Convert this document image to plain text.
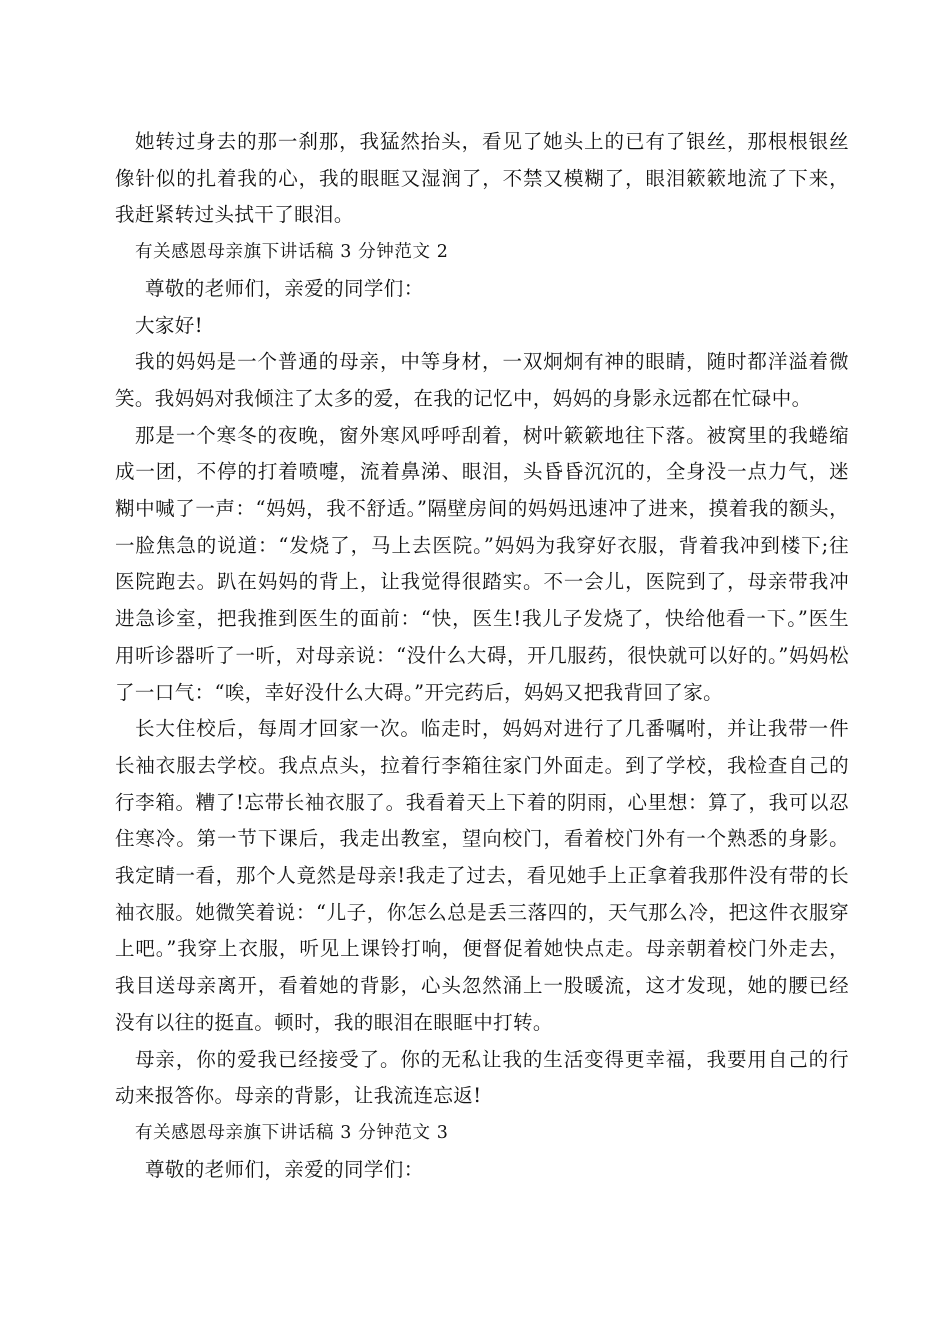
她转过身去的那一刹那，我猛然抬头，看见了她头上的已有了银丝，那根根银丝像针似的扎着我的心，我的眼眶又湿润了，不禁又模糊了，眼泪簌簌地流了下来，我赶紧转过头拭干了眼泪。

有关感恩母亲旗下讲话稿 3 分钟范文 2

尊敬的老师们，亲爱的同学们：

大家好!

我的妈妈是一个普通的母亲，中等身材，一双炯炯有神的眼睛，随时都洋溢着微笑。我妈妈对我倾注了太多的爱，在我的记忆中，妈妈的身影永远都在忙碌中。

那是一个寒冬的夜晚，窗外寒风呼呼刮着，树叶簌簌地往下落。被窝里的我蜷缩成一团，不停的打着喷嚏，流着鼻涕、眼泪，头昏昏沉沉的，全身没一点力气，迷糊中喊了一声：“妈妈，我不舒适。”隔壁房间的妈妈迅速冲了进来，摸着我的额头，一脸焦急的说道：“发烧了，马上去医院。”妈妈为我穿好衣服，背着我冲到楼下;往医院跑去。趴在妈妈的背上，让我觉得很踏实。不一会儿，医院到了，母亲带我冲进急诊室，把我推到医生的面前：“快，医生!我儿子发烧了，快给他看一下。”医生用听诊器听了一听，对母亲说：“没什么大碍，开几服药，很快就可以好的。”妈妈松了一口气：“唉，幸好没什么大碍。”开完药后，妈妈又把我背回了家。

长大住校后，每周才回家一次。临走时，妈妈对进行了几番嘱咐，并让我带一件长袖衣服去学校。我点点头，拉着行李箱往家门外面走。到了学校，我检查自己的行李箱。糟了!忘带长袖衣服了。我看着天上下着的阴雨，心里想：算了，我可以忍住寒冷。第一节下课后，我走出教室，望向校门，看着校门外有一个熟悉的身影。我定睛一看，那个人竟然是母亲!我走了过去，看见她手上正拿着我那件没有带的长袖衣服。她微笑着说：“儿子，你怎么总是丢三落四的，天气那么冷，把这件衣服穿上吧。”我穿上衣服，听见上课铃打响，便督促着她快点走。母亲朝着校门外走去，我目送母亲离开，看着她的背影，心头忽然涌上一股暖流，这才发现，她的腰已经没有以往的挺直。顿时，我的眼泪在眼眶中打转。

母亲，你的爱我已经接受了。你的无私让我的生活变得更幸福，我要用自己的行动来报答你。母亲的背影，让我流连忘返!

有关感恩母亲旗下讲话稿 3 分钟范文 3

尊敬的老师们，亲爱的同学们：
